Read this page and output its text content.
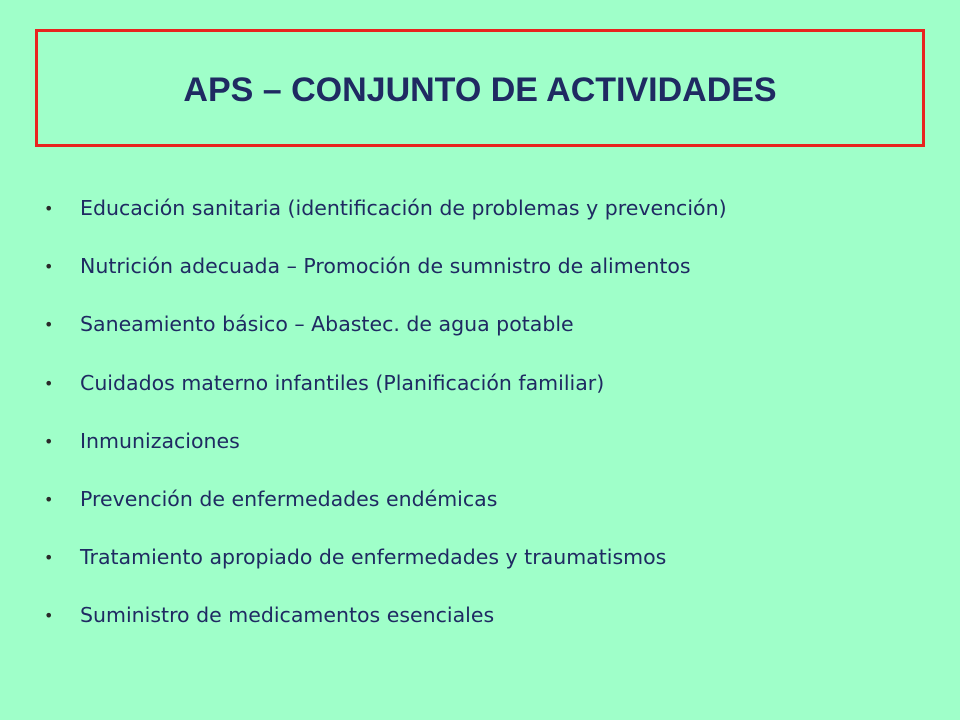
APS – CONJUNTO DE ACTIVIDADES
• Educación sanitaria (identificación de problemas y prevención)
• Nutrición adecuada – Promoción de sumnistro de alimentos
• Saneamiento básico – Abastec. de agua potable
• Cuidados materno infantiles (Planificación familiar)
• Inmunizaciones
• Prevención de enfermedades endémicas
• Tratamiento apropiado de enfermedades y traumatismos
• Suministro de medicamentos esenciales
